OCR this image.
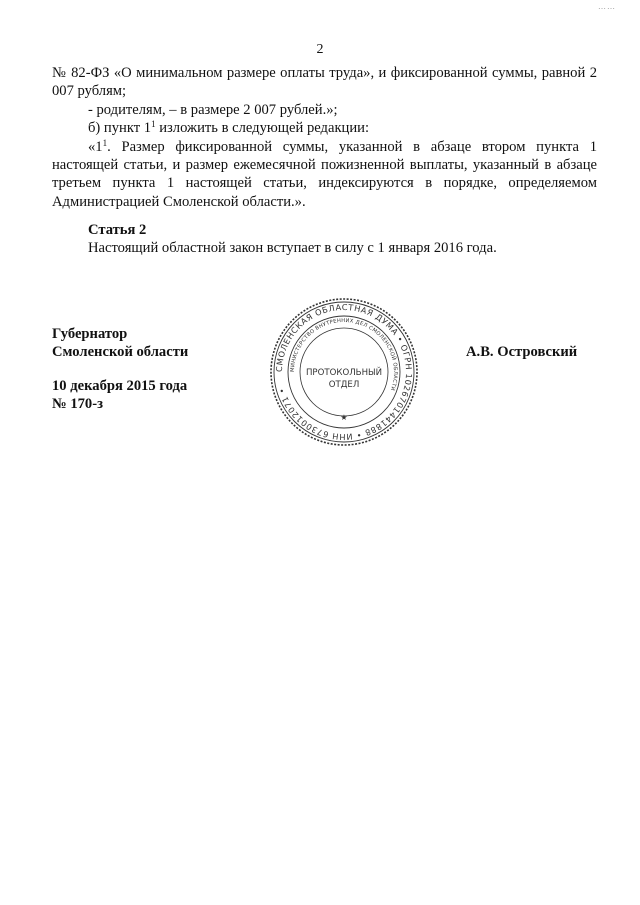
……
2

№ 82-ФЗ «О минимальном размере оплаты труда», и фиксированной суммы, равной 2 007 рублям;

- родителям, – в размере 2 007 рублей.»;

б) пункт $1^1$ изложить в следующей редакции:

«$1^1$. Размер фиксированной суммы, указанной в абзаце втором пункта 1 настоящей статьи, и размер ежемесячной пожизненной выплаты, указанный в абзаце третьем пункта 1 настоящей статьи, индексируются в порядке, определяемом Администрацией Смоленской области.».

Статья 2
Настоящий областной закон вступает в силу с 1 января 2016 года.
Губернатор
Смоленской области	А.В. Островский
10 декабря 2015 года
№ 170-з
СМОЛЕНСКАЯ ОБЛАСТНАЯ ДУМА • ОГРН 1026701441888 • ИНН 6730012071 •
МИНИСТЕРСТВО ВНУТРЕННИХ ДЕЛ СМОЛЕНСКОЙ ОБЛАСТИ
ПРОТОКОЛЬНЫЙ
ОТДЕЛ
★
